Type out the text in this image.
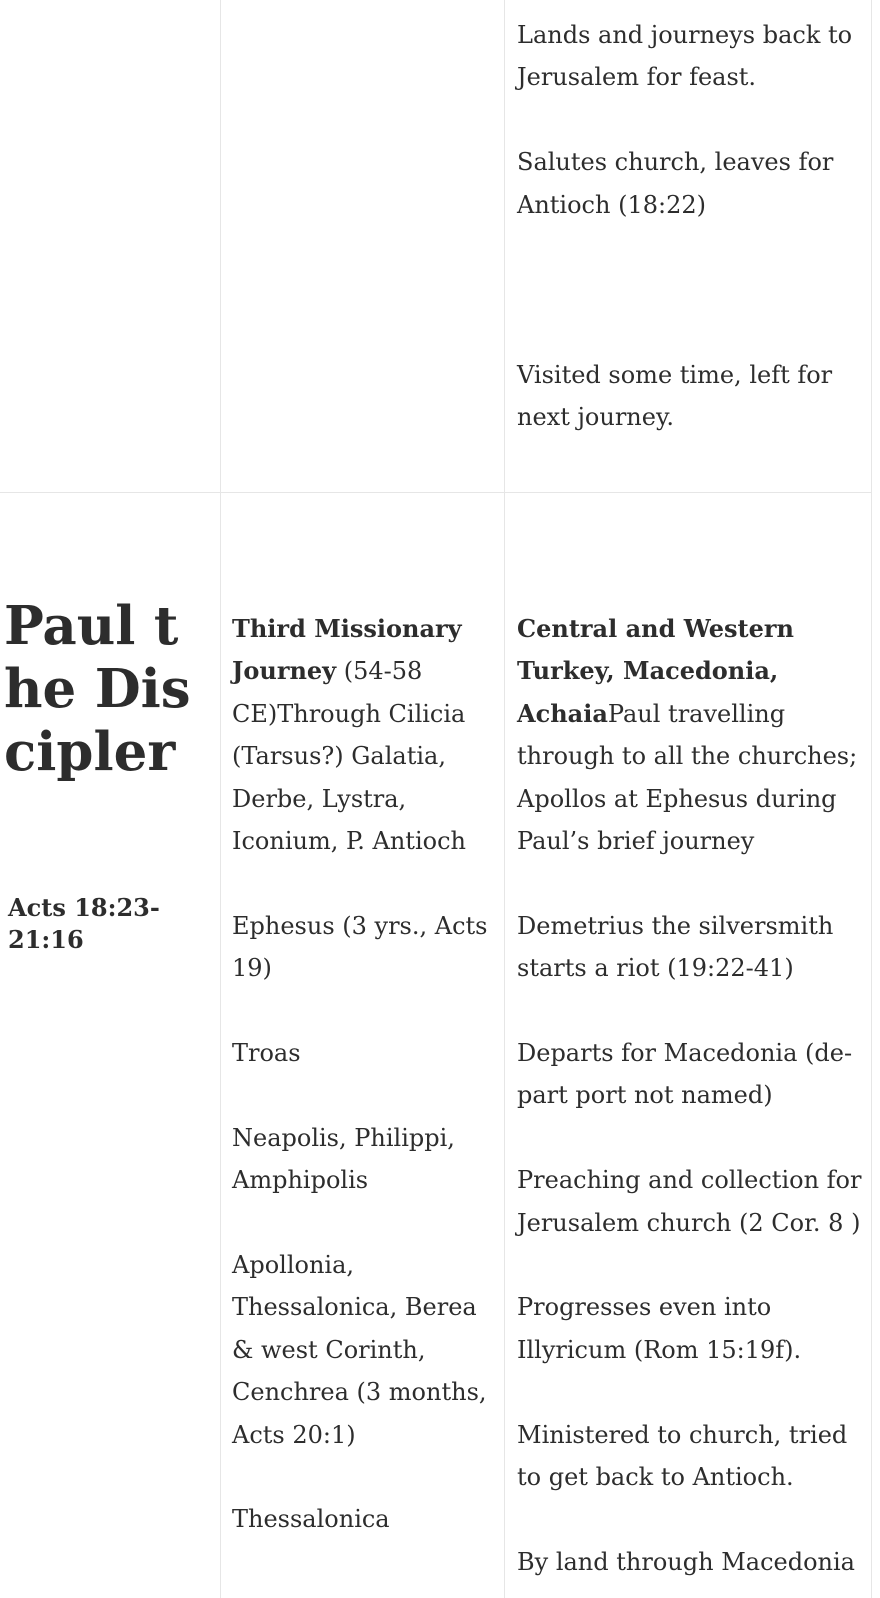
Lands and journeys back to Jerusalem for feast.

Salutes church, leaves for Antioch (18:22)

Visited some time, left for next journey.

Paul the Discipler

Acts 18:23-21:16

Third Missionary Journey (54-58 CE)Through Cilicia (Tarsus?) Galatia, Derbe, Lystra, Iconium, P. Antioch

Ephesus (3 yrs., Acts 19)

Troas

Neapolis, Philippi, Amphipolis

Apollonia, Thessalonica, Berea & west Corinth, Cenchrea (3 months, Acts 20:1)

Thessalonica

Central and Western Turkey, Macedonia, AchaiaPaul travelling through to all the churches; Apollos at Ephesus during Paul’s brief journey

Demetrius the silversmith starts a riot (19:22-41)

Departs for Macedonia (de-part port not named)

Preaching and collection for Jerusalem church (2 Cor. 8 )

Progresses even into Illyricum (Rom 15:19f).

Ministered to church, tried to get back to Antioch.

By land through Macedonia
